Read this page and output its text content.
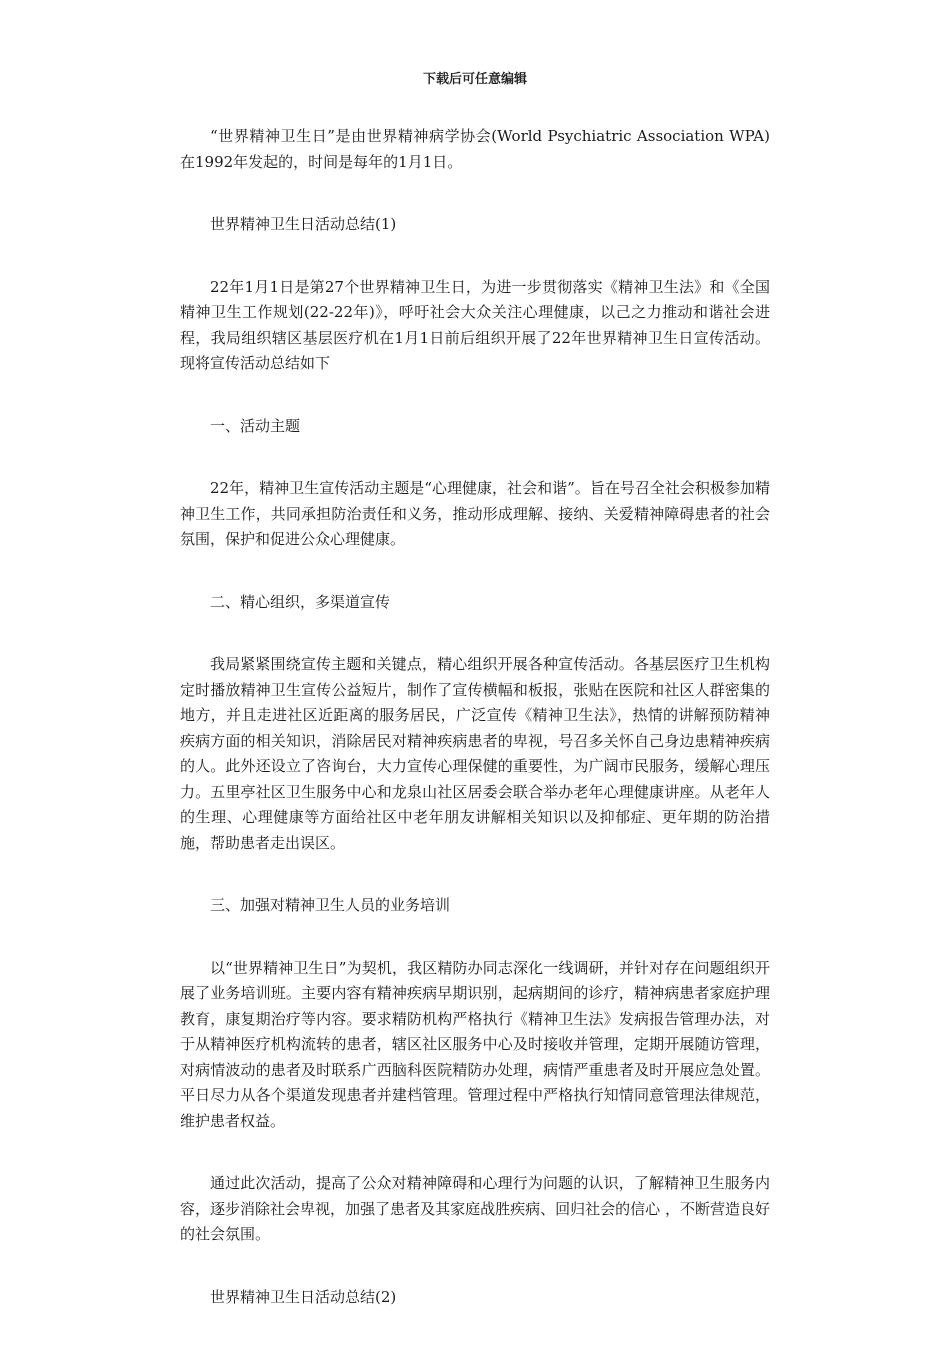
下载后可任意编辑

“世界精神卫生日”是由世界精神病学协会(World Psychiatric Association WPA)在1992年发起的，时间是每年的1月1日。

世界精神卫生日活动总结(1)

22年1月1日是第27个世界精神卫生日，为进一步贯彻落实《精神卫生法》和《全国精神卫生工作规划(22-22年)》，呼吁社会大众关注心理健康，以己之力推动和谐社会进程，我局组织辖区基层医疗机在1月1日前后组织开展了22年世界精神卫生日宣传活动。现将宣传活动总结如下

一、活动主题

22年，精神卫生宣传活动主题是“心理健康，社会和谐”。旨在号召全社会积极参加精神卫生工作，共同承担防治责任和义务，推动形成理解、接纳、关爱精神障碍患者的社会氛围，保护和促进公众心理健康。

二、精心组织，多渠道宣传

我局紧紧围绕宣传主题和关键点，精心组织开展各种宣传活动。各基层医疗卫生机构定时播放精神卫生宣传公益短片，制作了宣传横幅和板报，张贴在医院和社区人群密集的地方，并且走进社区近距离的服务居民，广泛宣传《精神卫生法》，热情的讲解预防精神疾病方面的相关知识，消除居民对精神疾病患者的卑视，号召多关怀自己身边患精神疾病的人。此外还设立了咨询台，大力宣传心理保健的重要性，为广阔市民服务，缓解心理压力。五里亭社区卫生服务中心和龙泉山社区居委会联合举办老年心理健康讲座。从老年人的生理、心理健康等方面给社区中老年朋友讲解相关知识以及抑郁症、更年期的防治措施，帮助患者走出误区。

三、加强对精神卫生人员的业务培训

以“世界精神卫生日”为契机，我区精防办同志深化一线调研，并针对存在问题组织开展了业务培训班。主要内容有精神疾病早期识别，起病期间的诊疗，精神病患者家庭护理教育，康复期治疗等内容。要求精防机构严格执行《精神卫生法》发病报告管理办法，对于从精神医疗机构流转的患者，辖区社区服务中心及时接收并管理，定期开展随访管理，对病情波动的患者及时联系广西脑科医院精防办处理，病情严重患者及时开展应急处置。平日尽力从各个渠道发现患者并建档管理。管理过程中严格执行知情同意管理法律规范，维护患者权益。

通过此次活动，提高了公众对精神障碍和心理行为问题的认识，了解精神卫生服务内容，逐步消除社会卑视，加强了患者及其家庭战胜疾病、回归社会的信心 ，不断营造良好的社会氛围。

世界精神卫生日活动总结(2)
